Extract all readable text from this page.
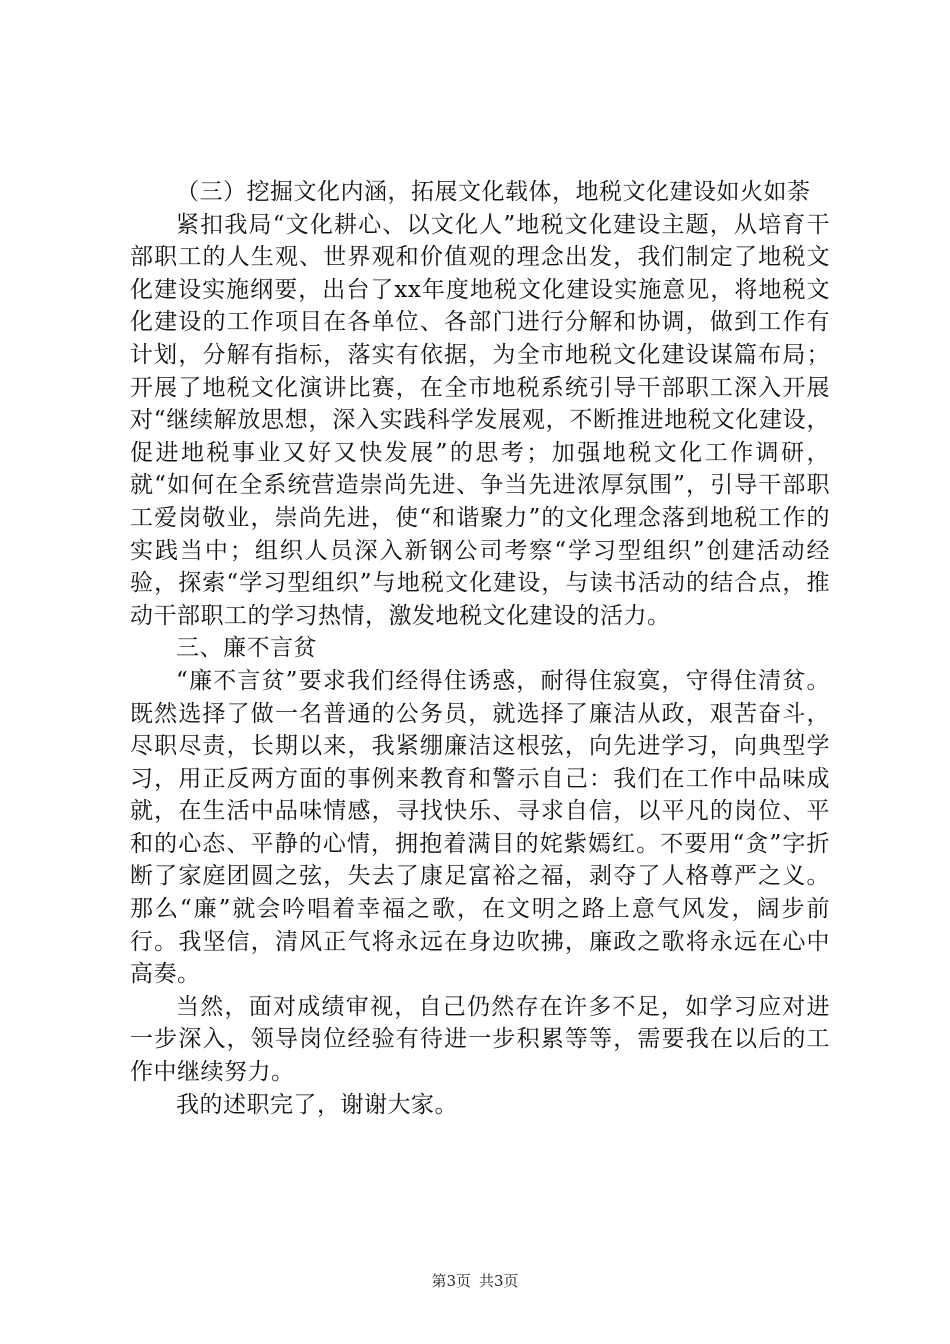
（三）挖掘文化内涵，拓展文化载体，地税文化建设如火如荼

紧扣我局“文化耕心、以文化人”地税文化建设主题，从培育干部职工的人生观、世界观和价值观的理念出发，我们制定了地税文化建设实施纲要，出台了xx年度地税文化建设实施意见，将地税文化建设的工作项目在各单位、各部门进行分解和协调，做到工作有计划，分解有指标，落实有依据，为全市地税文化建设谋篇布局；开展了地税文化演讲比赛，在全市地税系统引导干部职工深入开展对“继续解放思想，深入实践科学发展观，不断推进地税文化建设，促进地税事业又好又快发展”的思考；加强地税文化工作调研，就“如何在全系统营造崇尚先进、争当先进浓厚氛围”，引导干部职工爱岗敬业，崇尚先进，使“和谐聚力”的文化理念落到地税工作的实践当中；组织人员深入新钢公司考察“学习型组织”创建活动经验，探索“学习型组织”与地税文化建设，与读书活动的结合点，推动干部职工的学习热情，激发地税文化建设的活力。

三、廉不言贫

“廉不言贫”要求我们经得住诱惑，耐得住寂寞，守得住清贫。既然选择了做一名普通的公务员，就选择了廉洁从政，艰苦奋斗，尽职尽责，长期以来，我紧绷廉洁这根弦，向先进学习，向典型学习，用正反两方面的事例来教育和警示自己：我们在工作中品味成就，在生活中品味情感，寻找快乐、寻求自信，以平凡的岗位、平和的心态、平静的心情，拥抱着满目的姹紫嫣红。不要用“贪”字折断了家庭团圆之弦，失去了康足富裕之福，剥夺了人格尊严之义。那么“廉”就会吟唱着幸福之歌，在文明之路上意气风发，阔步前行。我坚信，清风正气将永远在身边吹拂，廉政之歌将永远在心中高奏。

当然，面对成绩审视，自己仍然存在许多不足，如学习应对进一步深入，领导岗位经验有待进一步积累等等，需要我在以后的工作中继续努力。

我的述职完了，谢谢大家。

第3页 共3页
